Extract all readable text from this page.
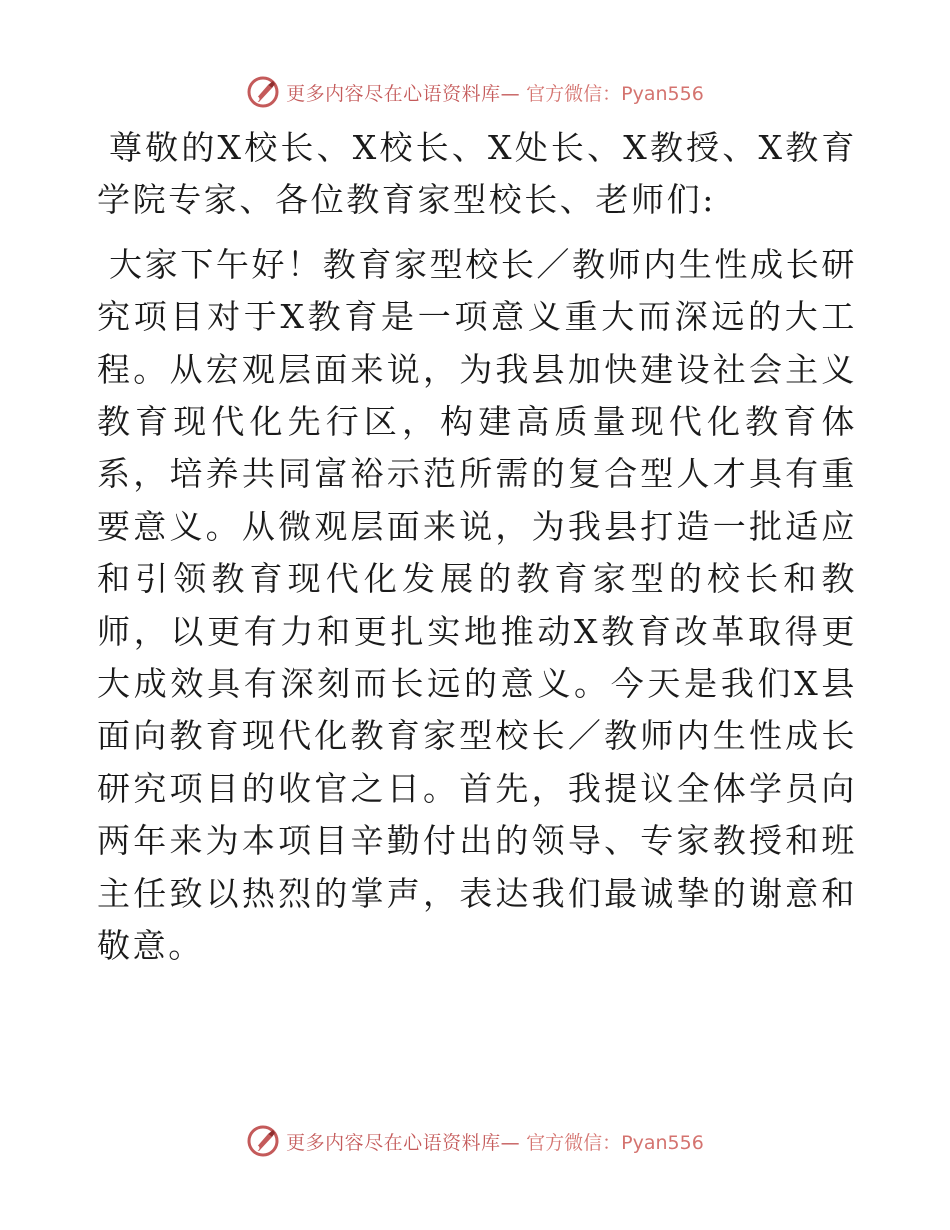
更多内容尽在心语资料库— 官方微信：Pyan556

尊敬的X校长、X校长、X处长、X教授、X教育学院专家、各位教育家型校长、老师们:

大家下午好！教育家型校长／教师内生性成长研究项目对于X教育是一项意义重大而深远的大工程。从宏观层面来说，为我县加快建设社会主义教育现代化先行区，构建高质量现代化教育体系，培养共同富裕示范所需的复合型人才具有重要意义。从微观层面来说，为我县打造一批适应和引领教育现代化发展的教育家型的校长和教师，以更有力和更扎实地推动X教育改革取得更大成效具有深刻而长远的意义。今天是我们X县面向教育现代化教育家型校长／教师内生性成长研究项目的收官之日。首先，我提议全体学员向两年来为本项目辛勤付出的领导、专家教授和班主任致以热烈的掌声，表达我们最诚挚的谢意和敬意。

更多内容尽在心语资料库— 官方微信：Pyan556
